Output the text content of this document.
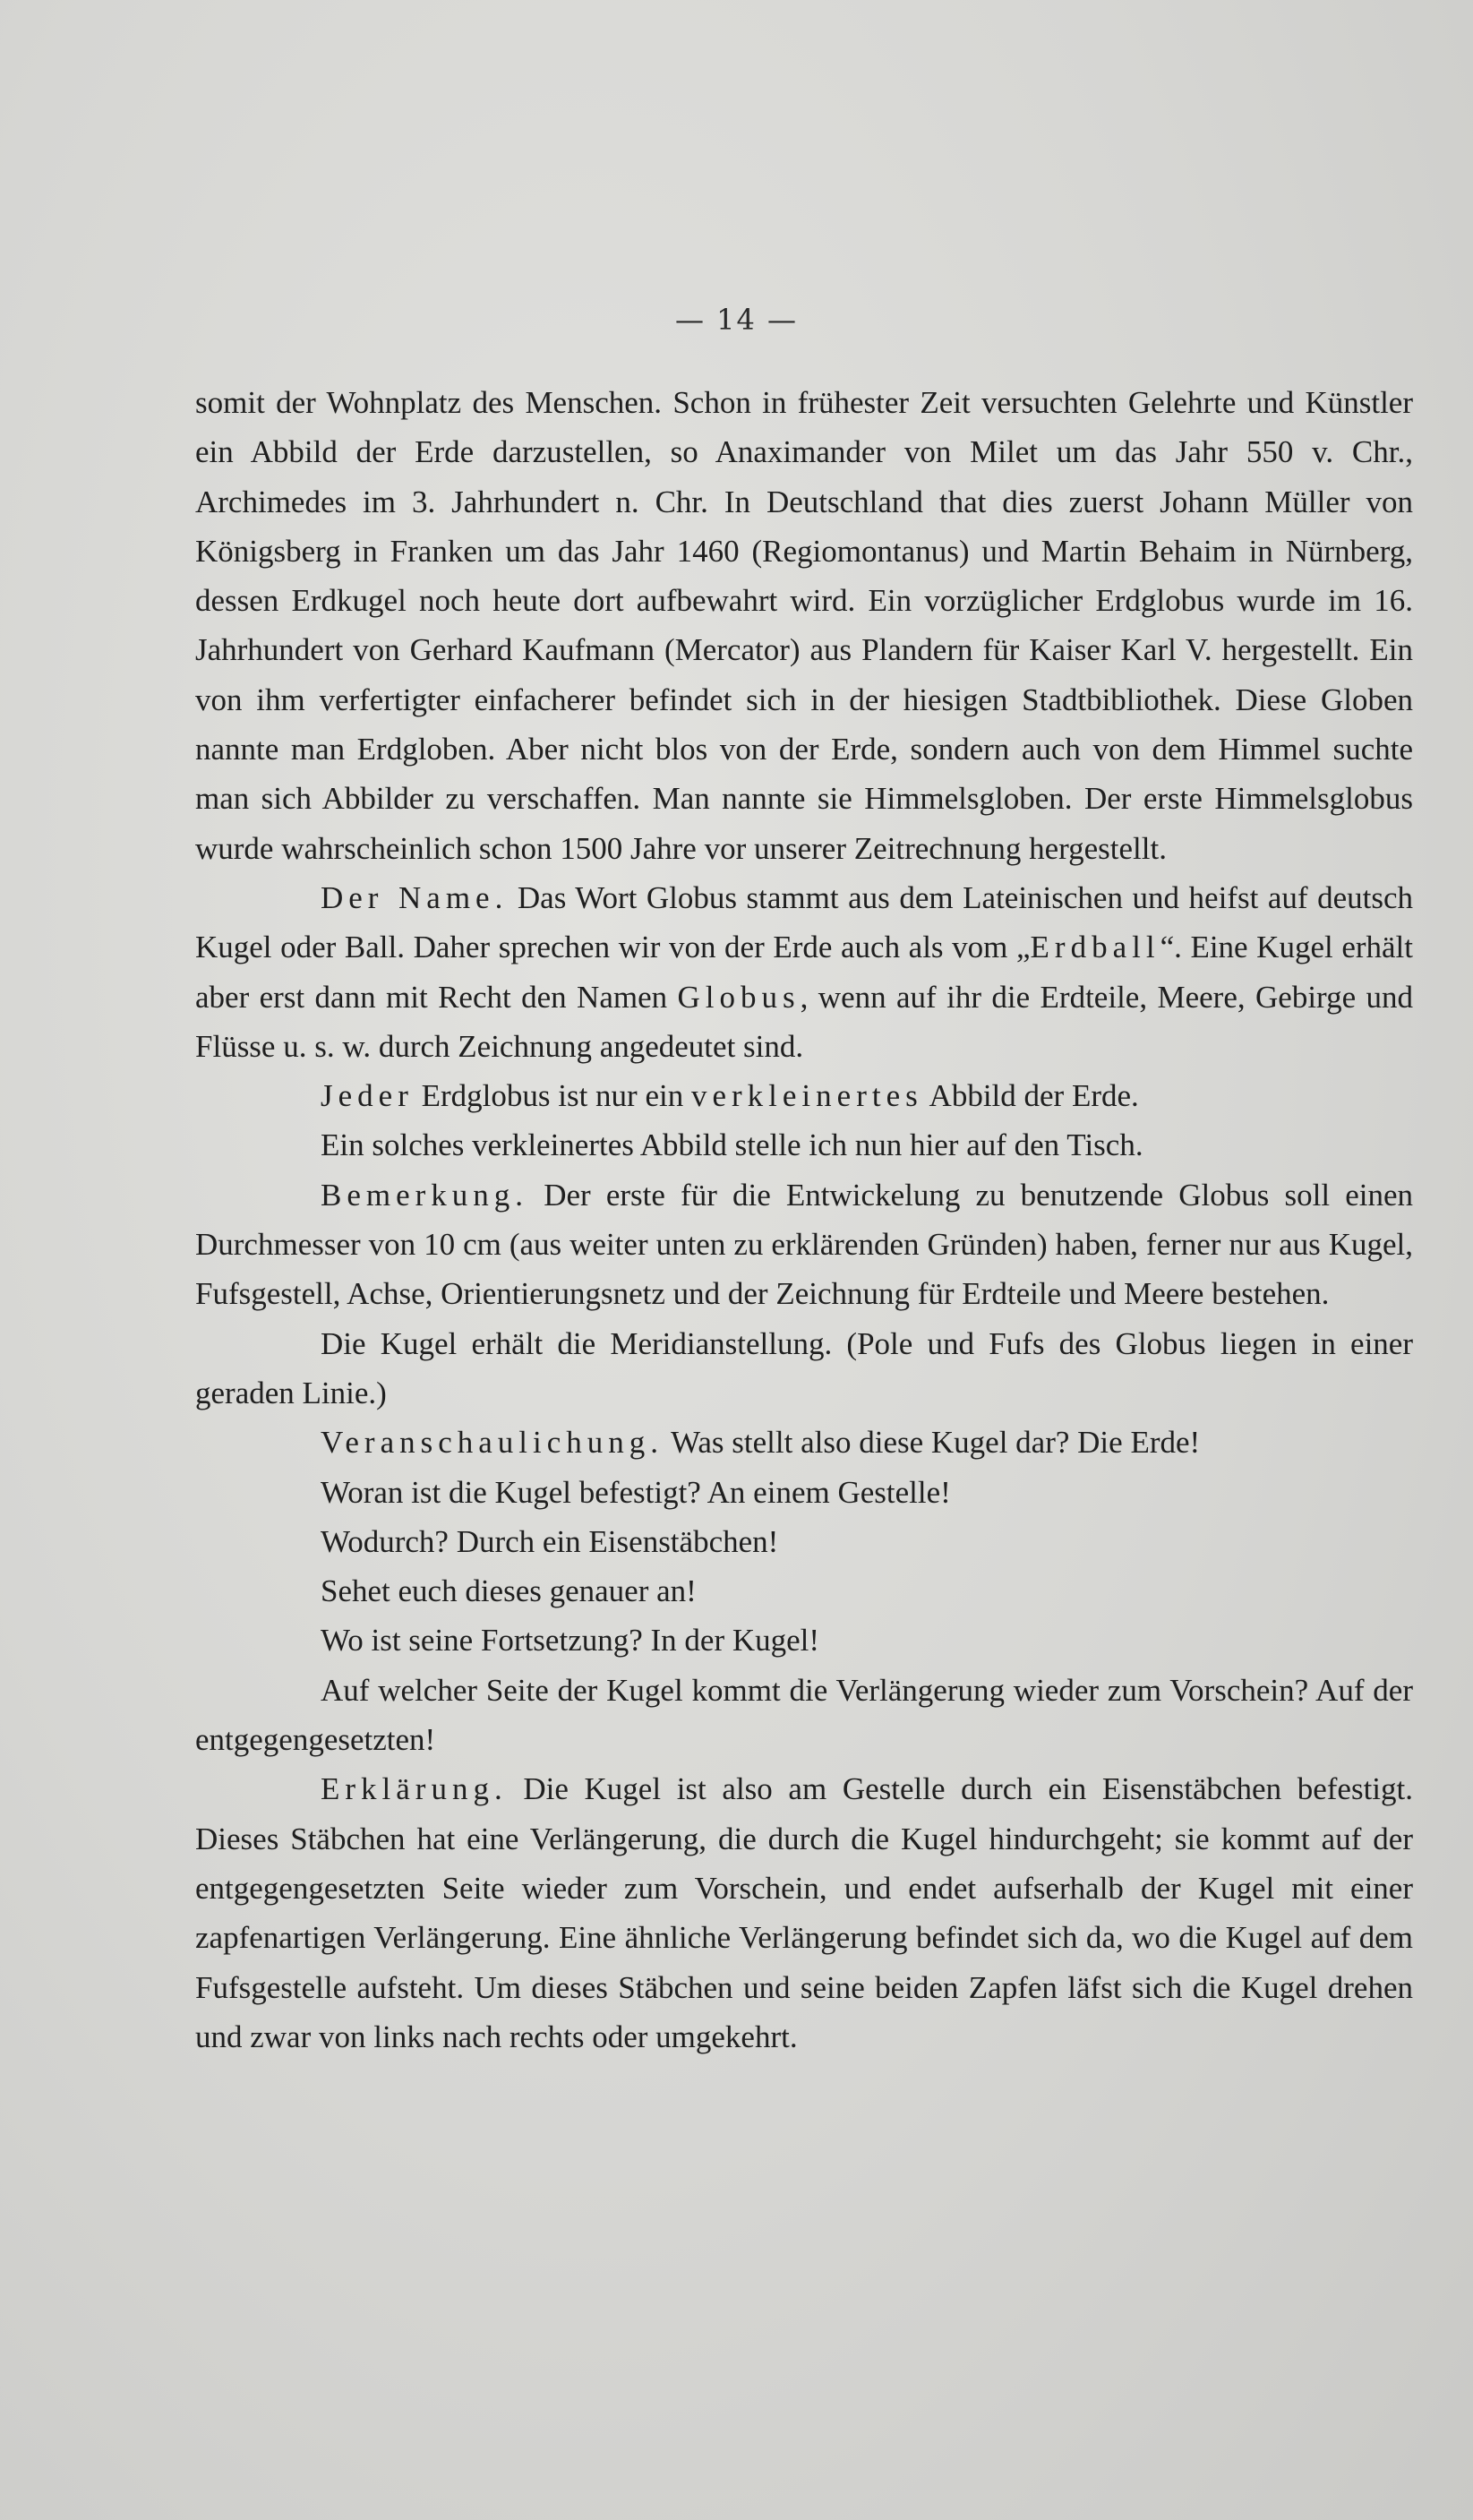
— 14 —

somit der Wohnplatz des Menschen. Schon in frühester Zeit versuchten Gelehrte und Künstler ein Abbild der Erde darzustellen, so Anaximander von Milet um das Jahr 550 v. Chr., Archimedes im 3. Jahrhundert n. Chr. In Deutschland that dies zuerst Johann Müller von Königsberg in Franken um das Jahr 1460 (Regiomontanus) und Martin Behaim in Nürnberg, dessen Erdkugel noch heute dort aufbewahrt wird. Ein vorzüglicher Erdglobus wurde im 16. Jahrhundert von Gerhard Kaufmann (Mercator) aus Plandern für Kaiser Karl V. hergestellt. Ein von ihm verfertigter einfacherer befindet sich in der hiesigen Stadtbibliothek. Diese Globen nannte man Erdgloben. Aber nicht blos von der Erde, sondern auch von dem Himmel suchte man sich Abbilder zu verschaffen. Man nannte sie Himmelsgloben. Der erste Himmelsglobus wurde wahrscheinlich schon 1500 Jahre vor unserer Zeitrechnung hergestellt.

Der Name. Das Wort Globus stammt aus dem Lateinischen und heifst auf deutsch Kugel oder Ball. Daher sprechen wir von der Erde auch als vom „Erdball“. Eine Kugel erhält aber erst dann mit Recht den Namen Globus, wenn auf ihr die Erdteile, Meere, Gebirge und Flüsse u. s. w. durch Zeichnung angedeutet sind.

Jeder Erdglobus ist nur ein verkleinertes Abbild der Erde.

Ein solches verkleinertes Abbild stelle ich nun hier auf den Tisch.

Bemerkung. Der erste für die Entwickelung zu benutzende Globus soll einen Durchmesser von 10 cm (aus weiter unten zu erklärenden Gründen) haben, ferner nur aus Kugel, Fufsgestell, Achse, Orientierungsnetz und der Zeichnung für Erdteile und Meere bestehen.

Die Kugel erhält die Meridianstellung. (Pole und Fufs des Globus liegen in einer geraden Linie.)

Veranschaulichung. Was stellt also diese Kugel dar? Die Erde!

Woran ist die Kugel befestigt? An einem Gestelle!

Wodurch? Durch ein Eisenstäbchen!

Sehet euch dieses genauer an!

Wo ist seine Fortsetzung? In der Kugel!

Auf welcher Seite der Kugel kommt die Verlängerung wieder zum Vorschein? Auf der entgegengesetzten!

Erklärung. Die Kugel ist also am Gestelle durch ein Eisenstäbchen befestigt. Dieses Stäbchen hat eine Verlängerung, die durch die Kugel hindurchgeht; sie kommt auf der entgegengesetzten Seite wieder zum Vorschein, und endet aufserhalb der Kugel mit einer zapfenartigen Verlängerung. Eine ähnliche Verlängerung befindet sich da, wo die Kugel auf dem Fufsgestelle aufsteht. Um dieses Stäbchen und seine beiden Zapfen läfst sich die Kugel drehen und zwar von links nach rechts oder umgekehrt.
